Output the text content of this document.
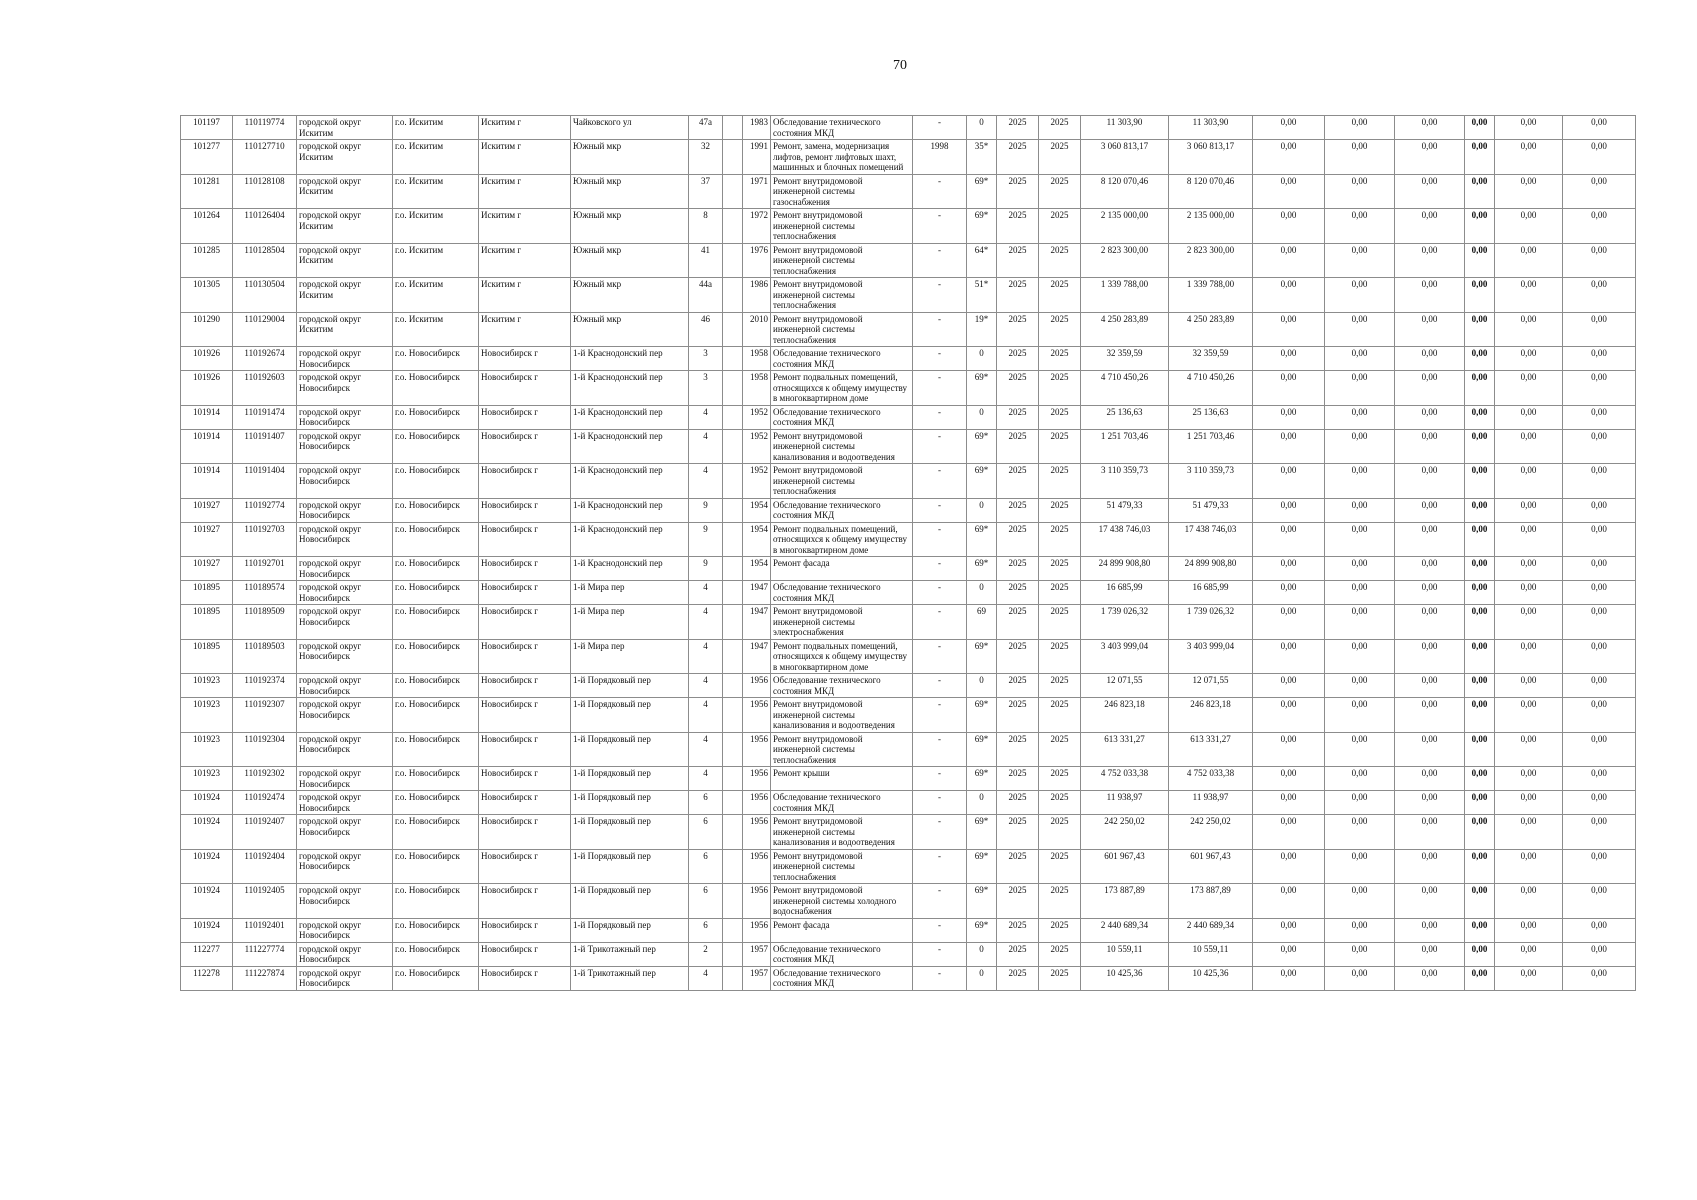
70
101197	110119774	городской округ Искитим	г.о. Искитим	Искитим г	Чайковского ул	47а		1983	Обследование технического состояния МКД	-	0	2025	2025	11 303,90	11 303,90	0,00	0,00	0,00	0,00	0,00	0,00
101277	110127710	городской округ Искитим	г.о. Искитим	Искитим г	Южный мкр	32		1991	Ремонт, замена, модернизация лифтов, ремонт лифтовых шахт, машинных и блочных помещений	1998	35*	2025	2025	3 060 813,17	3 060 813,17	0,00	0,00	0,00	0,00	0,00	0,00
101281	110128108	городской округ Искитим	г.о. Искитим	Искитим г	Южный мкр	37		1971	Ремонт внутридомовой инженерной системы газоснабжения	-	69*	2025	2025	8 120 070,46	8 120 070,46	0,00	0,00	0,00	0,00	0,00	0,00
101264	110126404	городской округ Искитим	г.о. Искитим	Искитим г	Южный мкр	8		1972	Ремонт внутридомовой инженерной системы теплоснабжения	-	69*	2025	2025	2 135 000,00	2 135 000,00	0,00	0,00	0,00	0,00	0,00	0,00
101285	110128504	городской округ Искитим	г.о. Искитим	Искитим г	Южный мкр	41		1976	Ремонт внутридомовой инженерной системы теплоснабжения	-	64*	2025	2025	2 823 300,00	2 823 300,00	0,00	0,00	0,00	0,00	0,00	0,00
101305	110130504	городской округ Искитим	г.о. Искитим	Искитим г	Южный мкр	44а		1986	Ремонт внутридомовой инженерной системы теплоснабжения	-	51*	2025	2025	1 339 788,00	1 339 788,00	0,00	0,00	0,00	0,00	0,00	0,00
101290	110129004	городской округ Искитим	г.о. Искитим	Искитим г	Южный мкр	46		2010	Ремонт внутридомовой инженерной системы теплоснабжения	-	19*	2025	2025	4 250 283,89	4 250 283,89	0,00	0,00	0,00	0,00	0,00	0,00
101926	110192674	городской округ Новосибирск	г.о. Новосибирск	Новосибирск г	1-й Краснодонский пер	3		1958	Обследование технического состояния МКД	-	0	2025	2025	32 359,59	32 359,59	0,00	0,00	0,00	0,00	0,00	0,00
101926	110192603	городской округ Новосибирск	г.о. Новосибирск	Новосибирск г	1-й Краснодонский пер	3		1958	Ремонт подвальных помещений, относящихся к общему имуществу в многоквартирном доме	-	69*	2025	2025	4 710 450,26	4 710 450,26	0,00	0,00	0,00	0,00	0,00	0,00
101914	110191474	городской округ Новосибирск	г.о. Новосибирск	Новосибирск г	1-й Краснодонский пер	4		1952	Обследование технического состояния МКД	-	0	2025	2025	25 136,63	25 136,63	0,00	0,00	0,00	0,00	0,00	0,00
101914	110191407	городской округ Новосибирск	г.о. Новосибирск	Новосибирск г	1-й Краснодонский пер	4		1952	Ремонт внутридомовой инженерной системы канализования и водоотведения	-	69*	2025	2025	1 251 703,46	1 251 703,46	0,00	0,00	0,00	0,00	0,00	0,00
101914	110191404	городской округ Новосибирск	г.о. Новосибирск	Новосибирск г	1-й Краснодонский пер	4		1952	Ремонт внутридомовой инженерной системы теплоснабжения	-	69*	2025	2025	3 110 359,73	3 110 359,73	0,00	0,00	0,00	0,00	0,00	0,00
101927	110192774	городской округ Новосибирск	г.о. Новосибирск	Новосибирск г	1-й Краснодонский пер	9		1954	Обследование технического состояния МКД	-	0	2025	2025	51 479,33	51 479,33	0,00	0,00	0,00	0,00	0,00	0,00
101927	110192703	городской округ Новосибирск	г.о. Новосибирск	Новосибирск г	1-й Краснодонский пер	9		1954	Ремонт подвальных помещений, относящихся к общему имуществу в многоквартирном доме	-	69*	2025	2025	17 438 746,03	17 438 746,03	0,00	0,00	0,00	0,00	0,00	0,00
101927	110192701	городской округ Новосибирск	г.о. Новосибирск	Новосибирск г	1-й Краснодонский пер	9		1954	Ремонт фасада	-	69*	2025	2025	24 899 908,80	24 899 908,80	0,00	0,00	0,00	0,00	0,00	0,00
101895	110189574	городской округ Новосибирск	г.о. Новосибирск	Новосибирск г	1-й Мира пер	4		1947	Обследование технического состояния МКД	-	0	2025	2025	16 685,99	16 685,99	0,00	0,00	0,00	0,00	0,00	0,00
101895	110189509	городской округ Новосибирск	г.о. Новосибирск	Новосибирск г	1-й Мира пер	4		1947	Ремонт внутридомовой инженерной системы электроснабжения	-	69	2025	2025	1 739 026,32	1 739 026,32	0,00	0,00	0,00	0,00	0,00	0,00
101895	110189503	городской округ Новосибирск	г.о. Новосибирск	Новосибирск г	1-й Мира пер	4		1947	Ремонт подвальных помещений, относящихся к общему имуществу в многоквартирном доме	-	69*	2025	2025	3 403 999,04	3 403 999,04	0,00	0,00	0,00	0,00	0,00	0,00
101923	110192374	городской округ Новосибирск	г.о. Новосибирск	Новосибирск г	1-й Порядковый пер	4		1956	Обследование технического состояния МКД	-	0	2025	2025	12 071,55	12 071,55	0,00	0,00	0,00	0,00	0,00	0,00
101923	110192307	городской округ Новосибирск	г.о. Новосибирск	Новосибирск г	1-й Порядковый пер	4		1956	Ремонт внутридомовой инженерной системы канализования и водоотведения	-	69*	2025	2025	246 823,18	246 823,18	0,00	0,00	0,00	0,00	0,00	0,00
101923	110192304	городской округ Новосибирск	г.о. Новосибирск	Новосибирск г	1-й Порядковый пер	4		1956	Ремонт внутридомовой инженерной системы теплоснабжения	-	69*	2025	2025	613 331,27	613 331,27	0,00	0,00	0,00	0,00	0,00	0,00
101923	110192302	городской округ Новосибирск	г.о. Новосибирск	Новосибирск г	1-й Порядковый пер	4		1956	Ремонт крыши	-	69*	2025	2025	4 752 033,38	4 752 033,38	0,00	0,00	0,00	0,00	0,00	0,00
101924	110192474	городской округ Новосибирск	г.о. Новосибирск	Новосибирск г	1-й Порядковый пер	6		1956	Обследование технического состояния МКД	-	0	2025	2025	11 938,97	11 938,97	0,00	0,00	0,00	0,00	0,00	0,00
101924	110192407	городской округ Новосибирск	г.о. Новосибирск	Новосибирск г	1-й Порядковый пер	6		1956	Ремонт внутридомовой инженерной системы канализования и водоотведения	-	69*	2025	2025	242 250,02	242 250,02	0,00	0,00	0,00	0,00	0,00	0,00
101924	110192404	городской округ Новосибирск	г.о. Новосибирск	Новосибирск г	1-й Порядковый пер	6		1956	Ремонт внутридомовой инженерной системы теплоснабжения	-	69*	2025	2025	601 967,43	601 967,43	0,00	0,00	0,00	0,00	0,00	0,00
101924	110192405	городской округ Новосибирск	г.о. Новосибирск	Новосибирск г	1-й Порядковый пер	6		1956	Ремонт внутридомовой инженерной системы холодного водоснабжения	-	69*	2025	2025	173 887,89	173 887,89	0,00	0,00	0,00	0,00	0,00	0,00
101924	110192401	городской округ Новосибирск	г.о. Новосибирск	Новосибирск г	1-й Порядковый пер	6		1956	Ремонт фасада	-	69*	2025	2025	2 440 689,34	2 440 689,34	0,00	0,00	0,00	0,00	0,00	0,00
112277	111227774	городской округ Новосибирск	г.о. Новосибирск	Новосибирск г	1-й Трикотажный пер	2		1957	Обследование технического состояния МКД	-	0	2025	2025	10 559,11	10 559,11	0,00	0,00	0,00	0,00	0,00	0,00
112278	111227874	городской округ Новосибирск	г.о. Новосибирск	Новосибирск г	1-й Трикотажный пер	4		1957	Обследование технического состояния МКД	-	0	2025	2025	10 425,36	10 425,36	0,00	0,00	0,00	0,00	0,00	0,00
